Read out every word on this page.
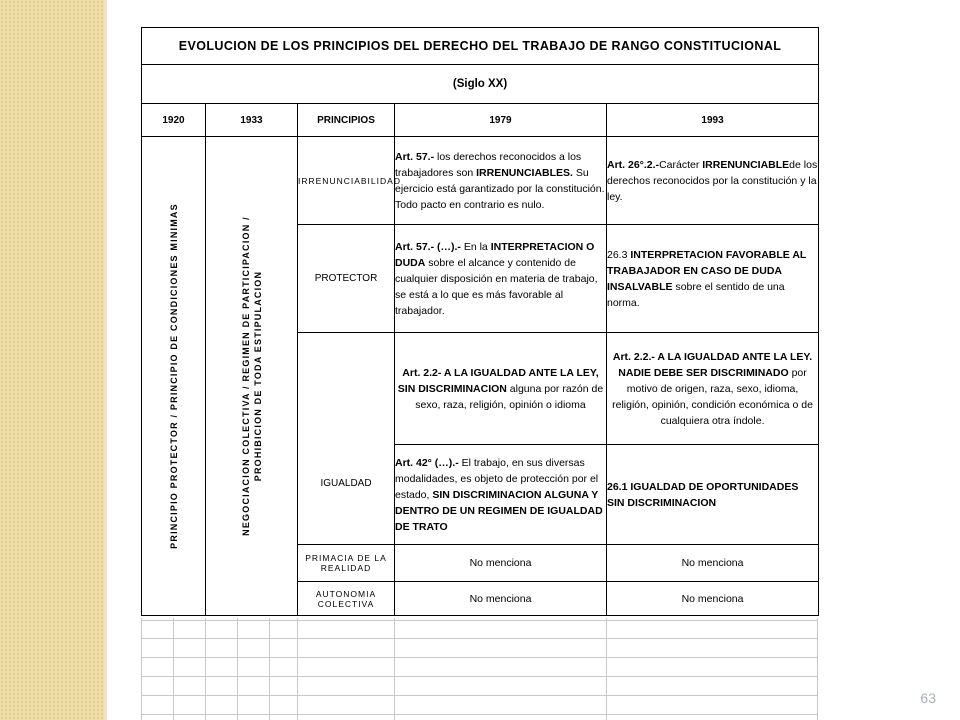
EVOLUCION DE LOS PRINCIPIOS DEL DERECHO DEL TRABAJO DE RANGO CONSTITUCIONAL				
(Siglo XX)				
1920	1933	PRINCIPIOS	1979	1993

PRINCIPIO PROTECTOR / PRINCIPIO DE CONDICIONES MINIMAS	NEGOCIACION COLECTIVA / REGIMEN DE PARTICIPACION / PROHIBICION DE TODA ESTIPULACION	IRRENUNCIABILIDAD	Art. 57.- los derechos reconocidos a los trabajadores son IRRENUNCIABLES. Su ejercicio está garantizado por la constitución. Todo pacto en contrario es nulo.	Art. 26°.2.-Carácter IRRENUNCIABLEde los derechos reconocidos por la constitución y la ley.
		PROTECTOR	Art. 57.- (…).- En la INTERPRETACION O DUDA sobre el alcance y contenido de cualquier disposición en materia de trabajo, se está a lo que es más favorable al trabajador.	26.3 INTERPRETACION FAVORABLE AL TRABAJADOR EN CASO DE DUDA INSALVABLE sobre el sentido de una norma.
		IGUALDAD	Art. 2.2- A LA IGUALDAD ANTE LA LEY, SIN DISCRIMINACION alguna por razón de sexo, raza, religión, opinión o idioma	Art. 2.2.- A LA IGUALDAD ANTE LA LEY. NADIE DEBE SER DISCRIMINADO por motivo de origen, raza, sexo, idioma, religión, opinión, condición económica o de cualquiera otra índole.
			Art. 42° (…).- El trabajo, en sus diversas modalidades, es objeto de protección por el estado, SIN DISCRIMINACION ALGUNA Y DENTRO DE UN REGIMEN DE IGUALDAD DE TRATO	26.1 IGUALDAD DE OPORTUNIDADES SIN DISCRIMINACION
		PRIMACIA DE LA REALIDAD	No menciona	No menciona
		AUTONOMIA COLECTIVA	No menciona	No menciona
63
